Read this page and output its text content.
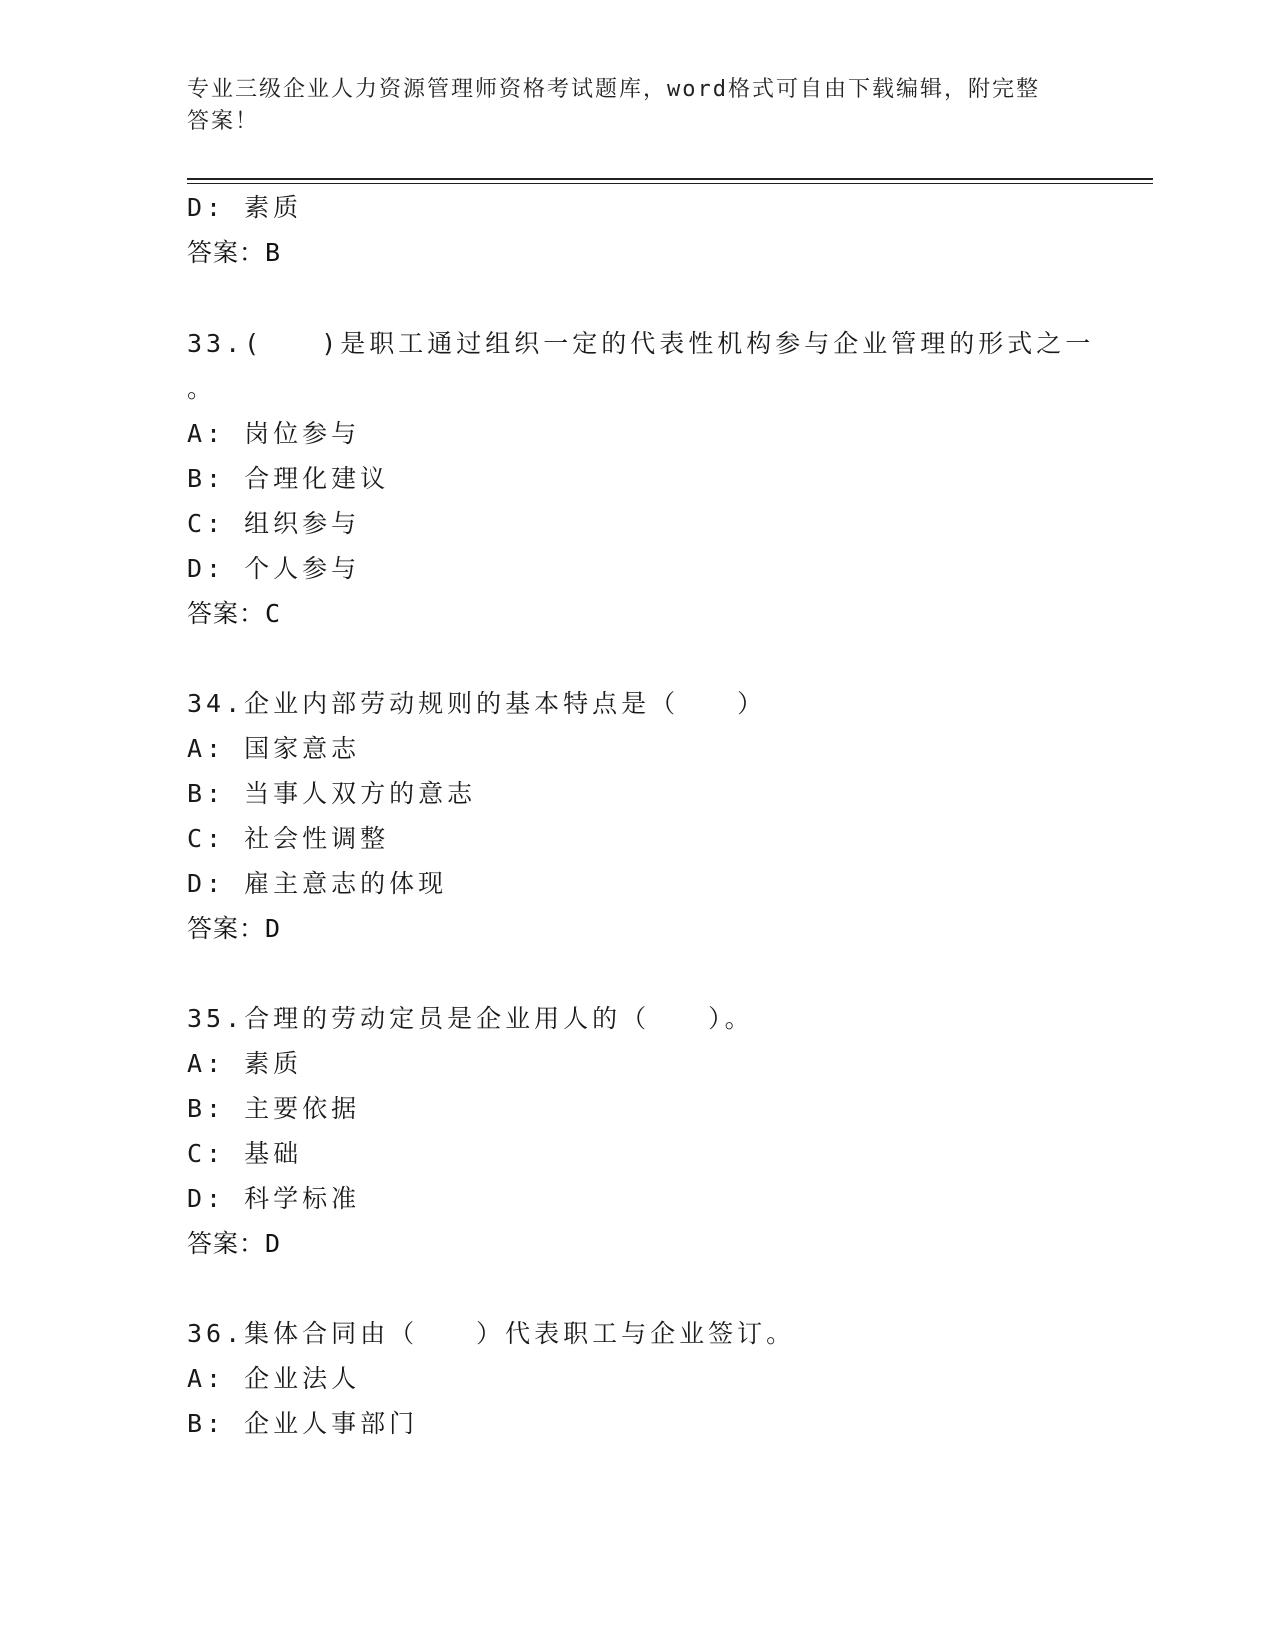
专业三级企业人力资源管理师资格考试题库，word格式可自由下载编辑，附完整
答案！
D: 素质
答案：B
33.(　　)是职工通过组织一定的代表性机构参与企业管理的形式之一
。
A: 岗位参与
B: 合理化建议
C: 组织参与
D: 个人参与
答案：C
34.企业内部劳动规则的基本特点是（　　）
A: 国家意志
B: 当事人双方的意志
C: 社会性调整
D: 雇主意志的体现
答案：D
35.合理的劳动定员是企业用人的（　　）。
A: 素质
B: 主要依据
C: 基础
D: 科学标准
答案：D
36.集体合同由（　　）代表职工与企业签订。
A: 企业法人
B: 企业人事部门
